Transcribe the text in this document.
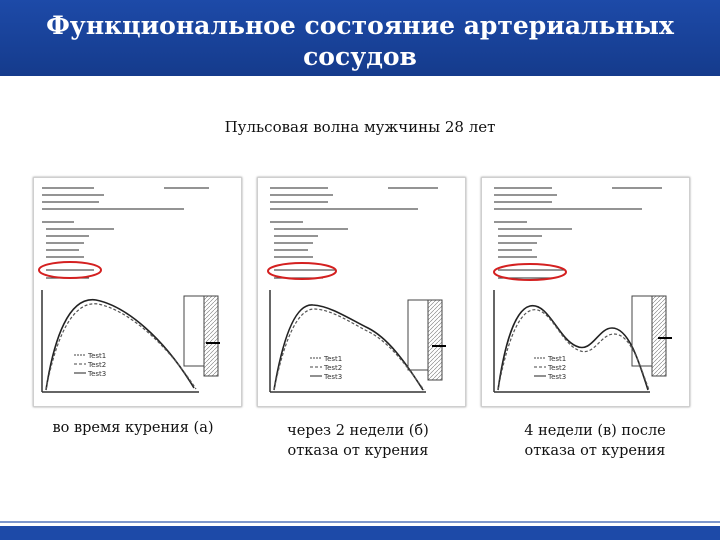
Функциональное состояние артериальных
сосудов
Пульсовая волна мужчины 28 лет
Test1
Test2
Test3
Test1
Test2
Test3
Test1
Test2
Test3
во время курения (а)	через 2 недели (б)
отказа от курения
4 недели (в) после
отказа от курения
